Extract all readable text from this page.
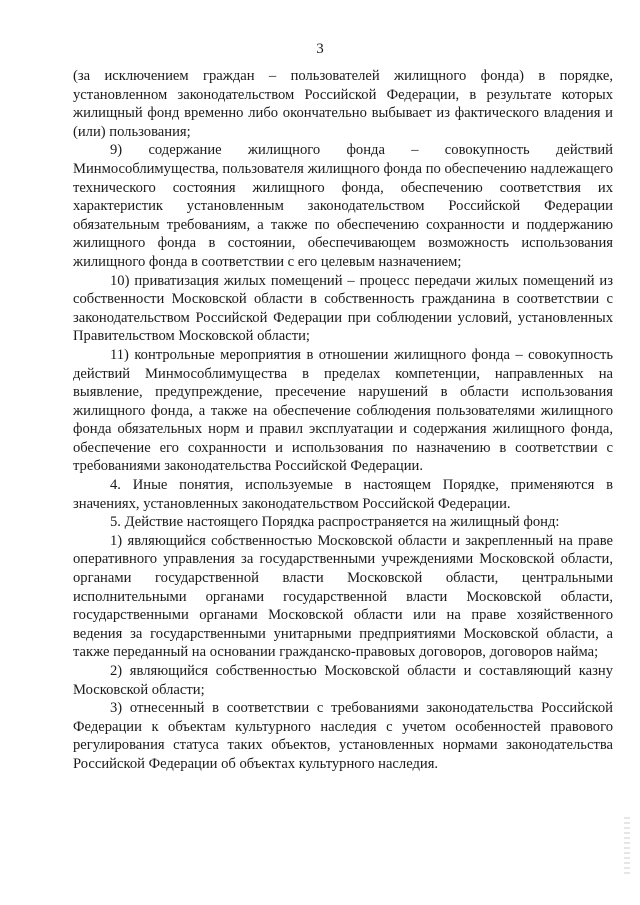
3

(за исключением граждан – пользователей жилищного фонда) в порядке, установленном законодательством Российской Федерации, в результате которых жилищный фонд временно либо окончательно выбывает из фактического владения и (или) пользования;

9) содержание жилищного фонда – совокупность действий Минмособлимущества, пользователя жилищного фонда по обеспечению надлежащего технического состояния жилищного фонда, обеспечению соответствия их характеристик установленным законодательством Российской Федерации обязательным требованиям, а также по обеспечению сохранности и поддержанию жилищного фонда в состоянии, обеспечивающем возможность использования жилищного фонда в соответствии с его целевым назначением;

10) приватизация жилых помещений – процесс передачи жилых помещений из собственности Московской области в собственность гражданина в соответствии с законодательством Российской Федерации при соблюдении условий, установленных Правительством Московской области;

11) контрольные мероприятия в отношении жилищного фонда – совокупность действий Минмособлимущества в пределах компетенции, направленных на выявление, предупреждение, пресечение нарушений в области использования жилищного фонда, а также на обеспечение соблюдения пользователями жилищного фонда обязательных норм и правил эксплуатации и содержания жилищного фонда, обеспечение его сохранности и использования по назначению в соответствии с требованиями законодательства Российской Федерации.

4. Иные понятия, используемые в настоящем Порядке, применяются в значениях, установленных законодательством Российской Федерации.

5. Действие настоящего Порядка распространяется на жилищный фонд:

1) являющийся собственностью Московской области и закрепленный на праве оперативного управления за государственными учреждениями Московской области, органами государственной власти Московской области, центральными исполнительными органами государственной власти Московской области, государственными органами Московской области или на праве хозяйственного ведения за государственными унитарными предприятиями Московской области, а также переданный на основании гражданско-правовых договоров, договоров найма;

2) являющийся собственностью Московской области и составляющий казну Московской области;

3) отнесенный в соответствии с требованиями законодательства Российской Федерации к объектам культурного наследия с учетом особенностей правового регулирования статуса таких объектов, установленных нормами законодательства Российской Федерации об объектах культурного наследия.
